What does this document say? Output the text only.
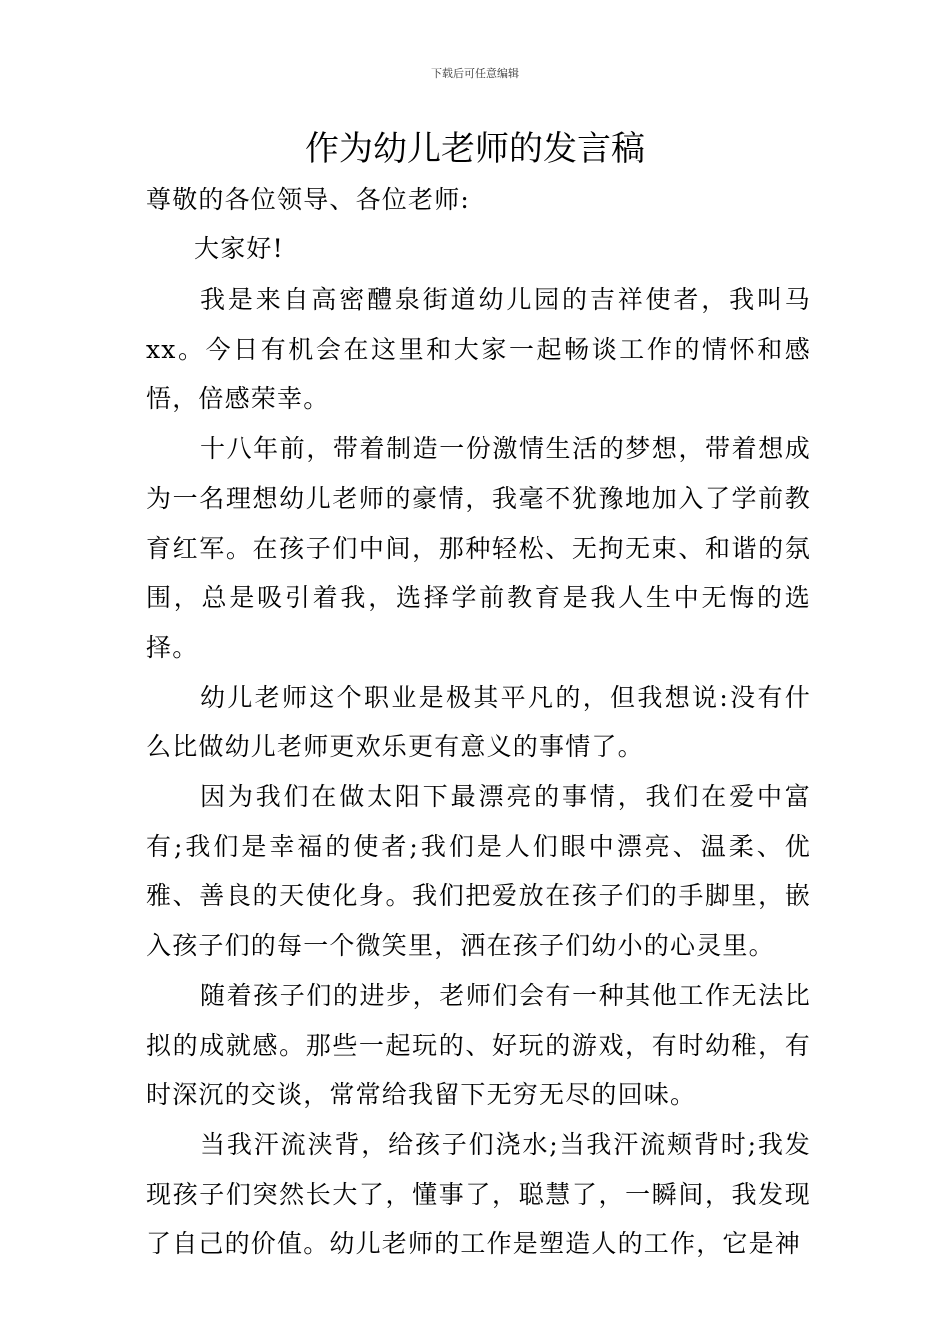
下载后可任意编辑
作为幼儿老师的发言稿
尊敬的各位领导、各位老师:
大家好!

我是来自高密醴泉街道幼儿园的吉祥使者，我叫马xx。今日有机会在这里和大家一起畅谈工作的情怀和感悟，倍感荣幸。

十八年前，带着制造一份激情生活的梦想，带着想成为一名理想幼儿老师的豪情，我毫不犹豫地加入了学前教育红军。在孩子们中间，那种轻松、无拘无束、和谐的氛围，总是吸引着我，选择学前教育是我人生中无悔的选择。

幼儿老师这个职业是极其平凡的，但我想说:没有什么比做幼儿老师更欢乐更有意义的事情了。

因为我们在做太阳下最漂亮的事情，我们在爱中富有;我们是幸福的使者;我们是人们眼中漂亮、温柔、优雅、善良的天使化身。我们把爱放在孩子们的手脚里，嵌入孩子们的每一个微笑里，洒在孩子们幼小的心灵里。

随着孩子们的进步，老师们会有一种其他工作无法比拟的成就感。那些一起玩的、好玩的游戏，有时幼稚，有时深沉的交谈，常常给我留下无穷无尽的回味。

当我汗流浃背，给孩子们浇水;当我汗流颊背时;我发现孩子们突然长大了，懂事了，聪慧了，一瞬间，我发现了自己的价值。幼儿老师的工作是塑造人的工作，它是神
